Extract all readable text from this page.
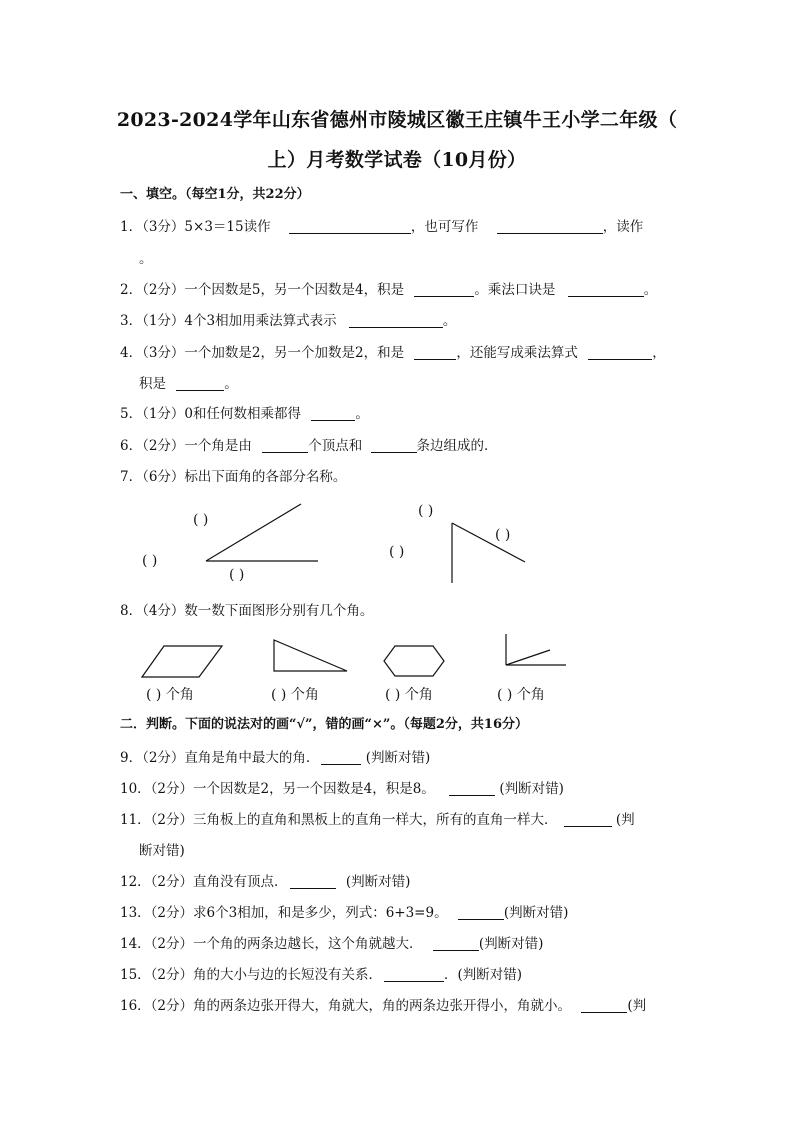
2023-2024学年山东省德州市陵城区徽王庄镇牛王小学二年级（
上）月考数学试卷（10月份）
一、填空。（每空1分，共22分）
1．（3分）5×3＝15读作	，也可写作	，读作
。
2．（2分）一个因数是5，另一个因数是4，积是	。乘法口诀是	。
3．（1分）4个3相加用乘法算式表示	。
4．（3分）一个加数是2，另一个加数是2，和是	，还能写成乘法算式	，
积是	。
5．（1分）0和任何数相乘都得	。
6．（2分）一个角是由	个顶点和	条边组成的．
7．（6分）标出下面角的各部分名称。
( )
( )
( )
( )
( )
( )
8．（4分）数一数下面图形分别有几个角。
( ) 个角	( ) 个角	( ) 个角	( ) 个角
二．判断。下面的说法对的画“√”，错的画“×”。（每题2分，共16分）
9．（2分）直角是角中最大的角．	(判断对错)
10．（2分）一个因数是2，另一个因数是4，积是8。	(判断对错)
11．（2分）三角板上的直角和黑板上的直角一样大，所有的直角一样大．	(判
断对错)
12．（2分）直角没有顶点．	(判断对错)
13．（2分）求6个3相加，和是多少，列式：6+3=9。	(判断对错)
14．（2分）一个角的两条边越长，这个角就越大．	(判断对错)
15．（2分）角的大小与边的长短没有关系．	．(判断对错)
16．（2分）角的两条边张开得大，角就大，角的两条边张开得小，角就小。	(判
